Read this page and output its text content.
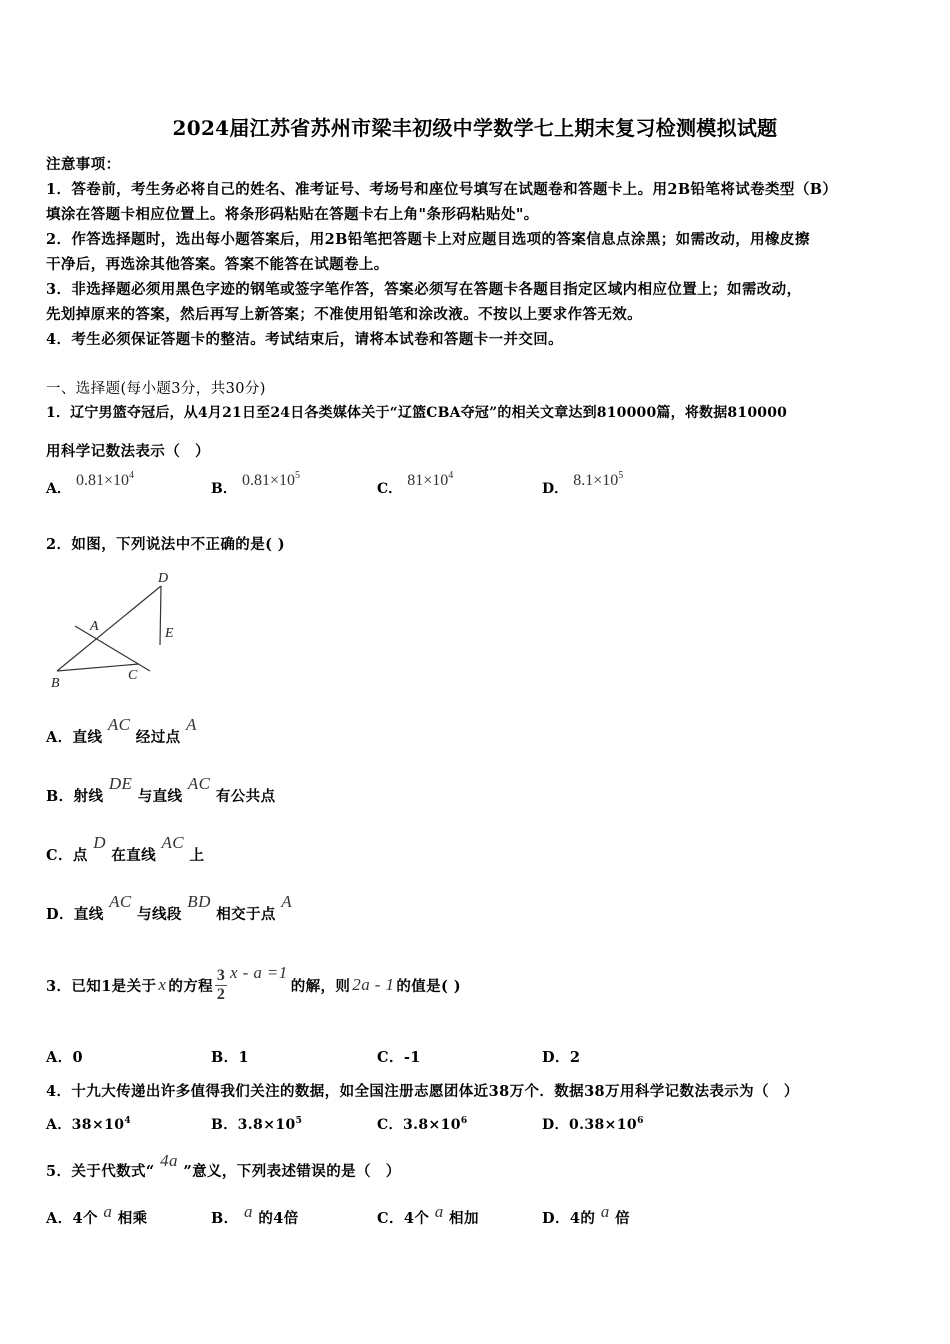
2024届江苏省苏州市梁丰初级中学数学七上期末复习检测模拟试题
注意事项：
1．答卷前，考生务必将自己的姓名、准考证号、考场号和座位号填写在试题卷和答题卡上。用2B铅笔将试卷类型（B）
填涂在答题卡相应位置上。将条形码粘贴在答题卡右上角"条形码粘贴处"。
2．作答选择题时，选出每小题答案后，用2B铅笔把答题卡上对应题目选项的答案信息点涂黑；如需改动，用橡皮擦
干净后，再选涂其他答案。答案不能答在试题卷上。
3．非选择题必须用黑色字迹的钢笔或签字笔作答，答案必须写在答题卡各题目指定区域内相应位置上；如需改动，
先划掉原来的答案，然后再写上新答案；不准使用铅笔和涂改液。不按以上要求作答无效。
4．考生必须保证答题卡的整洁。考试结束后，请将本试卷和答题卡一并交回。
一、选择题(每小题3分，共30分)
1．辽宁男篮夺冠后，从4月21日至24日各类媒体关于“辽篮CBA夺冠”的相关文章达到810000篇，将数据810000
用科学记数法表示（　）
A． $0.81\times 10^4$
B． $0.81\times 10^5$
C． $81\times 10^4$
D． $8.1\times 10^5$
2．如图，下列说法中不正确的是( )
D
A	E
B
C
A．直线 AC 经过点 A
B．射线 DE 与直线 AC 有公共点
C．点 D 在直线 AC 上
D．直线 AC 与线段 BD 相交于点 A
3．已知1是关于 x 的方程 $\frac{3}{2}$ x - a =1
的解，则 2a - 1 的值是( )
A．0	B．1	C．-1	D．2
4．十九大传递出许多值得我们关注的数据，如全国注册志愿团体近38万个．数据38万用科学记数法表示为（　）
A．$38\times 10^4$	B．$3.8\times 10^5$	C．$3.8\times 10^6$	D．$0.38\times 10^6$
5．关于代数式“ 4a ”意义，下列表述错误的是（　）
A．4个 a 相乘	B． a 的4倍	C．4个 a 相加	D．4的 a 倍
